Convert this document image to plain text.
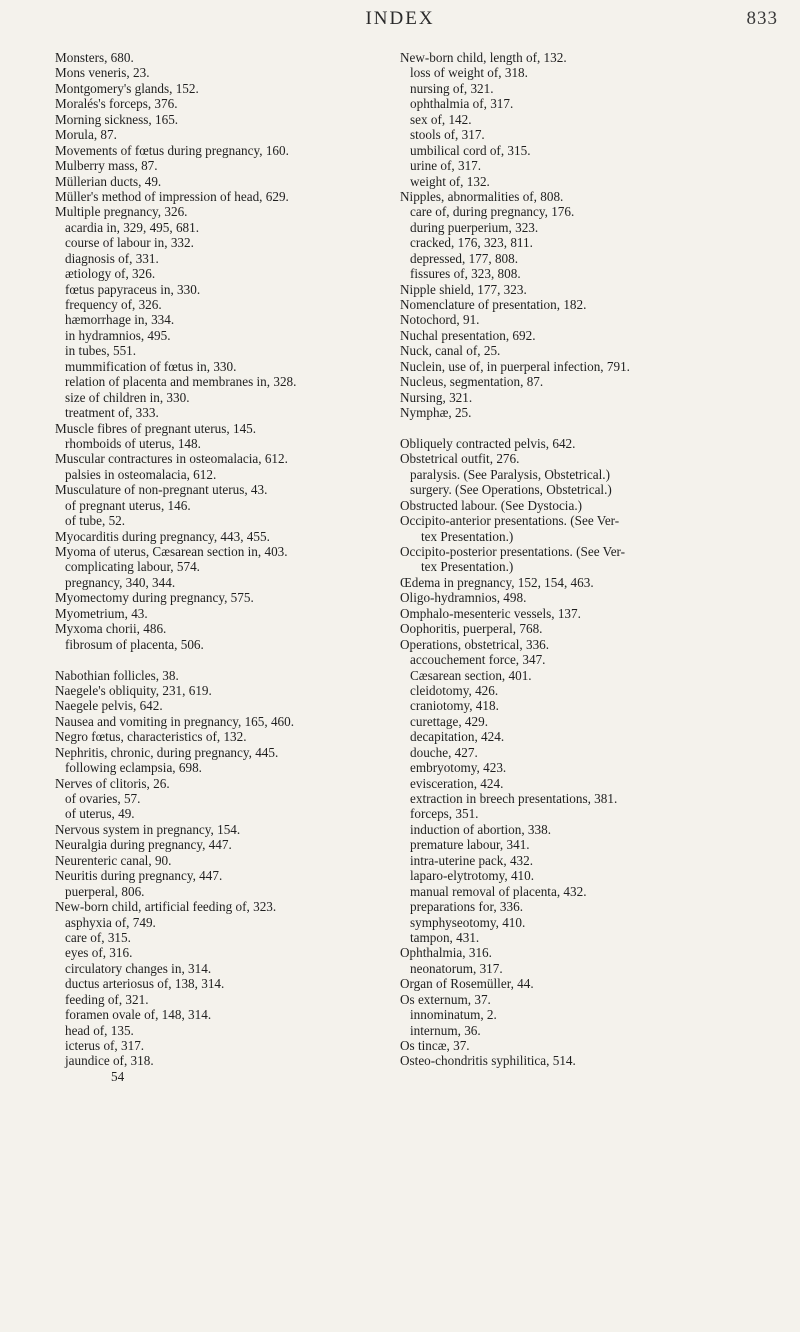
INDEX	833
Monsters, 680.
Mons veneris, 23.
Montgomery's glands, 152.
Moralés's forceps, 376.
Morning sickness, 165.
Morula, 87.
Movements of fœtus during pregnancy, 160.
Mulberry mass, 87.
Müllerian ducts, 49.
Müller's method of impression of head, 629.
Multiple pregnancy, 326.
acardia in, 329, 495, 681.
course of labour in, 332.
diagnosis of, 331.
ætiology of, 326.
fœtus papyraceus in, 330.
frequency of, 326.
hæmorrhage in, 334.
in hydramnios, 495.
in tubes, 551.
mummification of fœtus in, 330.
relation of placenta and membranes in, 328.
size of children in, 330.
treatment of, 333.
Muscle fibres of pregnant uterus, 145.
rhomboids of uterus, 148.
Muscular contractures in osteomalacia, 612.
palsies in osteomalacia, 612.
Musculature of non-pregnant uterus, 43.
of pregnant uterus, 146.
of tube, 52.
Myocarditis during pregnancy, 443, 455.
Myoma of uterus, Cæsarean section in, 403.
complicating labour, 574.
pregnancy, 340, 344.
Myomectomy during pregnancy, 575.
Myometrium, 43.
Myxoma chorii, 486.
fibrosum of placenta, 506.
Nabothian follicles, 38.
Naegele's obliquity, 231, 619.
Naegele pelvis, 642.
Nausea and vomiting in pregnancy, 165, 460.
Negro fœtus, characteristics of, 132.
Nephritis, chronic, during pregnancy, 445.
following eclampsia, 698.
Nerves of clitoris, 26.
of ovaries, 57.
of uterus, 49.
Nervous system in pregnancy, 154.
Neuralgia during pregnancy, 447.
Neurenteric canal, 90.
Neuritis during pregnancy, 447.
puerperal, 806.
New-born child, artificial feeding of, 323.
asphyxia of, 749.
care of, 315.
eyes of, 316.
circulatory changes in, 314.
ductus arteriosus of, 138, 314.
feeding of, 321.
foramen ovale of, 148, 314.
head of, 135.
icterus of, 317.
jaundice of, 318.
54
New-born child, length of, 132.
loss of weight of, 318.
nursing of, 321.
ophthalmia of, 317.
sex of, 142.
stools of, 317.
umbilical cord of, 315.
urine of, 317.
weight of, 132.
Nipples, abnormalities of, 808.
care of, during pregnancy, 176.
during puerperium, 323.
cracked, 176, 323, 811.
depressed, 177, 808.
fissures of, 323, 808.
Nipple shield, 177, 323.
Nomenclature of presentation, 182.
Notochord, 91.
Nuchal presentation, 692.
Nuck, canal of, 25.
Nuclein, use of, in puerperal infection, 791.
Nucleus, segmentation, 87.
Nursing, 321.
Nymphæ, 25.
Obliquely contracted pelvis, 642.
Obstetrical outfit, 276.
paralysis. (See Paralysis, Obstetrical.)
surgery. (See Operations, Obstetrical.)
Obstructed labour. (See Dystocia.)
Occipito-anterior presentations. (See Ver-
tex Presentation.)
Occipito-posterior presentations. (See Ver-
tex Presentation.)
Œdema in pregnancy, 152, 154, 463.
Oligo-hydramnios, 498.
Omphalo-mesenteric vessels, 137.
Oophoritis, puerperal, 768.
Operations, obstetrical, 336.
accouchement force, 347.
Cæsarean section, 401.
cleidotomy, 426.
craniotomy, 418.
curettage, 429.
decapitation, 424.
douche, 427.
embryotomy, 423.
evisceration, 424.
extraction in breech presentations, 381.
forceps, 351.
induction of abortion, 338.
premature labour, 341.
intra-uterine pack, 432.
laparo-elytrotomy, 410.
manual removal of placenta, 432.
preparations for, 336.
symphyseotomy, 410.
tampon, 431.
Ophthalmia, 316.
neonatorum, 317.
Organ of Rosemüller, 44.
Os externum, 37.
innominatum, 2.
internum, 36.
Os tincæ, 37.
Osteo-chondritis syphilitica, 514.
